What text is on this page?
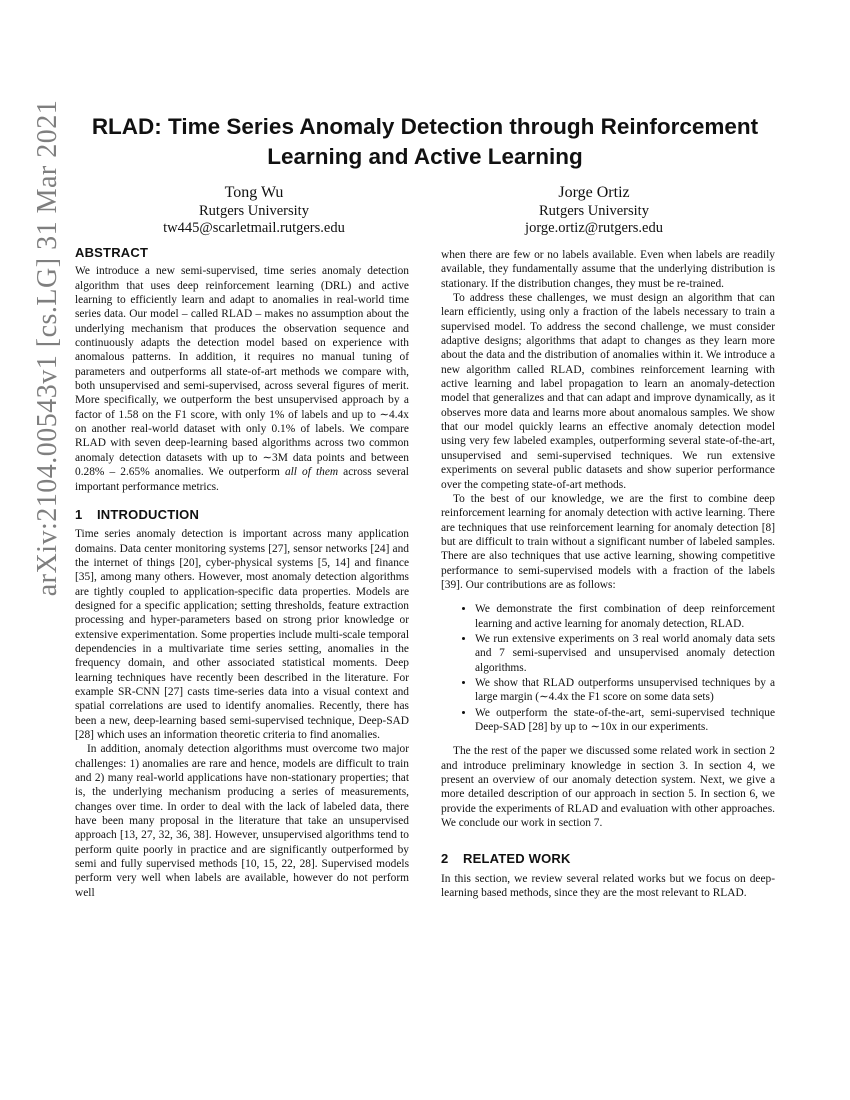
arXiv:2104.00543v1 [cs.LG] 31 Mar 2021	RLAD: Time Series Anomaly Detection through Reinforcement
Learning and Active Learning
Tong Wu
Rutgers University
tw445@scarletmail.rutgers.edu
Jorge Ortiz
Rutgers University
jorge.ortiz@rutgers.edu
ABSTRACT

We introduce a new semi-supervised, time series anomaly detection algorithm that uses deep reinforcement learning (DRL) and active learning to efficiently learn and adapt to anomalies in real-world time series data. Our model – called RLAD – makes no assumption about the underlying mechanism that produces the observation sequence and continuously adapts the detection model based on experience with anomalous patterns. In addition, it requires no manual tuning of parameters and outperforms all state-of-art methods we compare with, both unsupervised and semi-supervised, across several figures of merit. More specifically, we outperform the best unsupervised approach by a factor of 1.58 on the F1 score, with only 1% of labels and up to ∼4.4x on another real-world dataset with only 0.1% of labels. We compare RLAD with seven deep-learning based algorithms across two common anomaly detection datasets with up to ∼3M data points and between 0.28% – 2.65% anomalies. We outperform all of them across several important performance metrics.

1 INTRODUCTION

Time series anomaly detection is important across many application domains. Data center monitoring systems [27], sensor networks [24] and the internet of things [20], cyber-physical systems [5, 14] and finance [35], among many others. However, most anomaly detection algorithms are tightly coupled to application-specific data properties. Models are designed for a specific application; setting thresholds, feature extraction processing and hyper-parameters based on strong prior knowledge or extensive experimentation. Some properties include multi-scale temporal dependencies in a multivariate time series setting, anomalies in the frequency domain, and other associated statistical moments. Deep learning techniques have recently been described in the literature. For example SR-CNN [27] casts time-series data into a visual context and spatial correlations are used to identify anomalies. Recently, there has been a new, deep-learning based semi-supervised technique, Deep-SAD [28] which uses an information theoretic criteria to find anomalies.

In addition, anomaly detection algorithms must overcome two major challenges: 1) anomalies are rare and hence, models are difficult to train and 2) many real-world applications have non-stationary properties; that is, the underlying mechanism producing a series of measurements, changes over time. In order to deal with the lack of labeled data, there have been many proposal in the literature that take an unsupervised approach [13, 27, 32, 36, 38]. However, unsupervised algorithms tend to perform quite poorly in practice and are significantly outperformed by semi and fully supervised methods [10, 15, 22, 28]. Supervised models perform very well when labels are available, however do not perform well

when there are few or no labels available. Even when labels are readily available, they fundamentally assume that the underlying distribution is stationary. If the distribution changes, they must be re-trained.

To address these challenges, we must design an algorithm that can learn efficiently, using only a fraction of the labels necessary to train a supervised model. To address the second challenge, we must consider adaptive designs; algorithms that adapt to changes as they learn more about the data and the distribution of anomalies within it. We introduce a new algorithm called RLAD, combines reinforcement learning with active learning and label propagation to learn an anomaly-detection model that generalizes and that can adapt and improve dynamically, as it observes more data and learns more about anomalous samples. We show that our model quickly learns an effective anomaly detection model using very few labeled examples, outperforming several state-of-the-art, unsupervised and semi-supervised techniques. We run extensive experiments on several public datasets and show superior performance over the competing state-of-art methods.

To the best of our knowledge, we are the first to combine deep reinforcement learning for anomaly detection with active learning. There are techniques that use reinforcement learning for anomaly detection [8] but are difficult to train without a significant number of labeled samples. There are also techniques that use active learning, showing competitive performance to semi-supervised models with a fraction of the labels [39]. Our contributions are as follows:

• We demonstrate the first combination of deep reinforcement learning and active learning for anomaly detection, RLAD.
• We run extensive experiments on 3 real world anomaly data sets and 7 semi-supervised and unsupervised anomaly detection algorithms.
• We show that RLAD outperforms unsupervised techniques by a large margin (∼4.4x the F1 score on some data sets)
• We outperform the state-of-the-art, semi-supervised technique Deep-SAD [28] by up to ∼10x in our experiments.

The the rest of the paper we discussed some related work in section 2 and introduce preliminary knowledge in section 3. In section 4, we present an overview of our anomaly detection system. Next, we give a more detailed description of our approach in section 5. In section 6, we provide the experiments of RLAD and evaluation with other approaches. We conclude our work in section 7.

2 RELATED WORK

In this section, we review several related works but we focus on deep-learning based methods, since they are the most relevant to RLAD.
